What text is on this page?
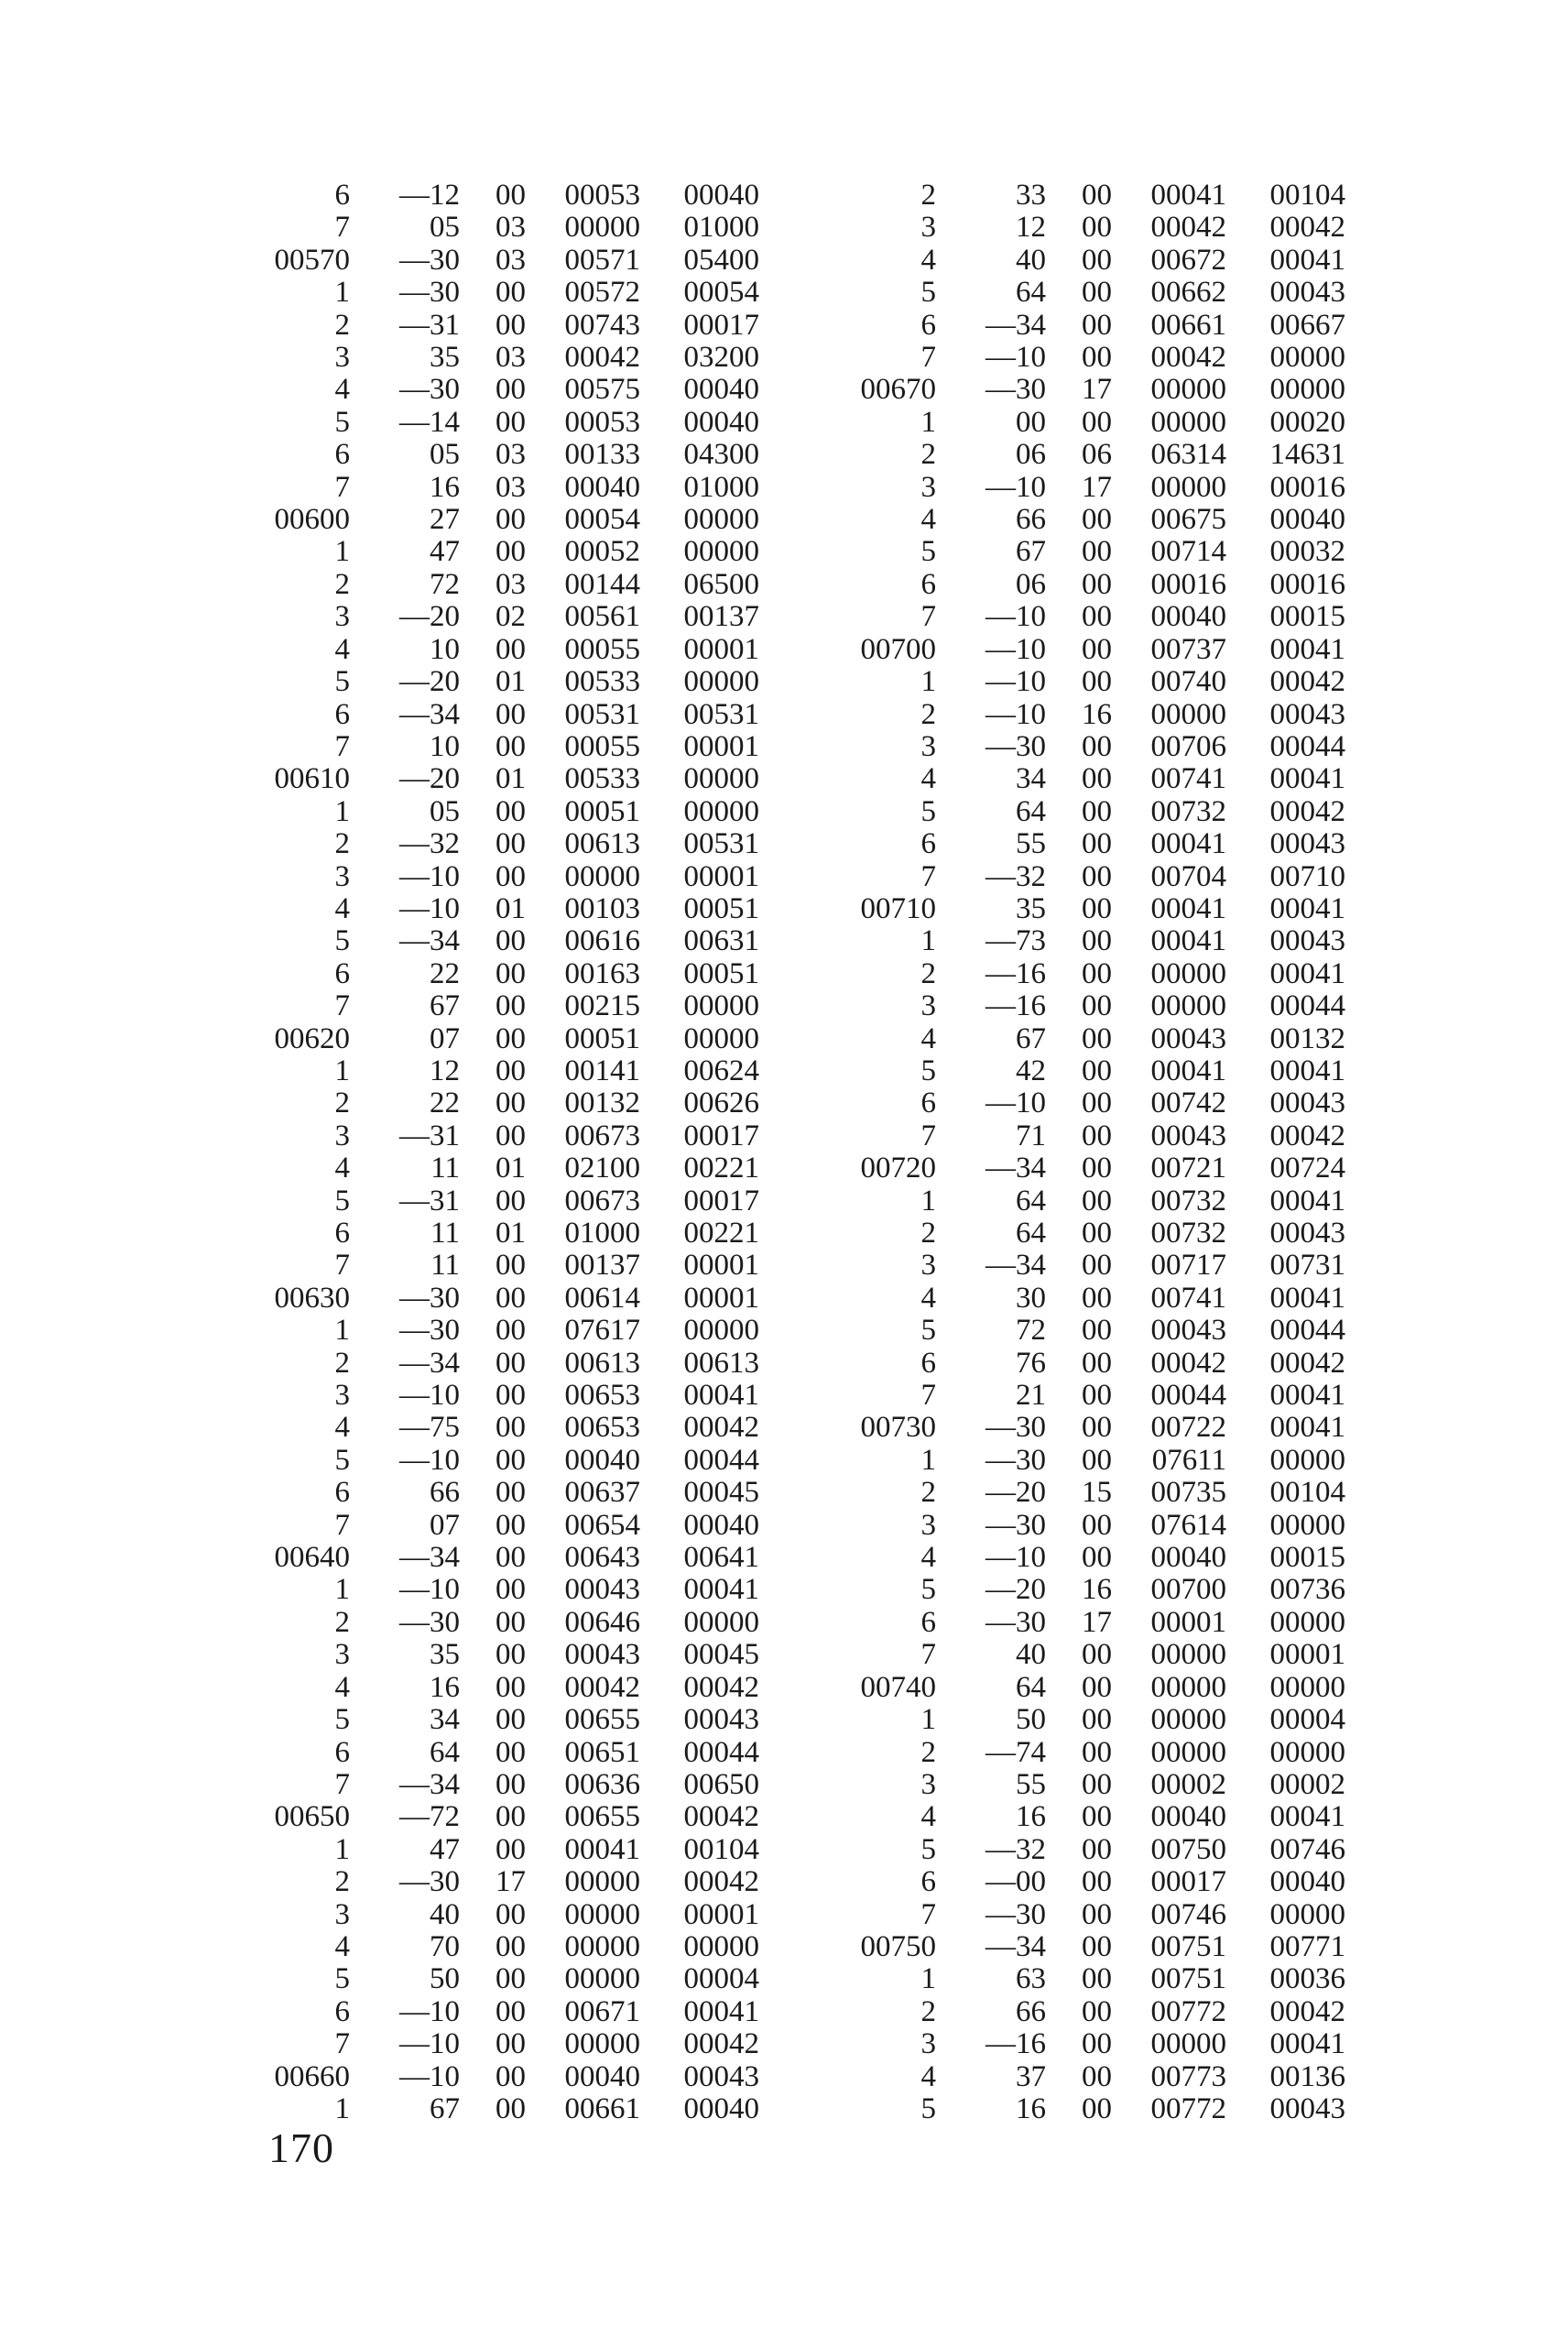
6	—12	00	00053	00040
7	05	03	00000	01000
00570	—30	03	00571	05400
1	—30	00	00572	00054
2	—31	00	00743	00017
3	35	03	00042	03200
4	—30	00	00575	00040
5	—14	00	00053	00040
6	05	03	00133	04300
7	16	03	00040	01000
00600	27	00	00054	00000
1	47	00	00052	00000
2	72	03	00144	06500
3	—20	02	00561	00137
4	10	00	00055	00001
5	—20	01	00533	00000
6	—34	00	00531	00531
7	10	00	00055	00001
00610	—20	01	00533	00000
1	05	00	00051	00000
2	—32	00	00613	00531
3	—10	00	00000	00001
4	—10	01	00103	00051
5	—34	00	00616	00631
6	22	00	00163	00051
7	67	00	00215	00000
00620	07	00	00051	00000
1	12	00	00141	00624
2	22	00	00132	00626
3	—31	00	00673	00017
4	11	01	02100	00221
5	—31	00	00673	00017
6	11	01	01000	00221
7	11	00	00137	00001
00630	—30	00	00614	00001
1	—30	00	07617	00000
2	—34	00	00613	00613
3	—10	00	00653	00041
4	—75	00	00653	00042
5	—10	00	00040	00044
6	66	00	00637	00045
7	07	00	00654	00040
00640	—34	00	00643	00641
1	—10	00	00043	00041
2	—30	00	00646	00000
3	35	00	00043	00045
4	16	00	00042	00042
5	34	00	00655	00043
6	64	00	00651	00044
7	—34	00	00636	00650
00650	—72	00	00655	00042
1	47	00	00041	00104
2	—30	17	00000	00042
3	40	00	00000	00001
4	70	00	00000	00000
5	50	00	00000	00004
6	—10	00	00671	00041
7	—10	00	00000	00042
00660	—10	00	00040	00043
1	67	00	00661	00040
2	33	00	00041	00104
3	12	00	00042	00042
4	40	00	00672	00041
5	64	00	00662	00043
6	—34	00	00661	00667
7	—10	00	00042	00000
00670	—30	17	00000	00000
1	00	00	00000	00020
2	06	06	06314	14631
3	—10	17	00000	00016
4	66	00	00675	00040
5	67	00	00714	00032
6	06	00	00016	00016
7	—10	00	00040	00015
00700	—10	00	00737	00041
1	—10	00	00740	00042
2	—10	16	00000	00043
3	—30	00	00706	00044
4	34	00	00741	00041
5	64	00	00732	00042
6	55	00	00041	00043
7	—32	00	00704	00710
00710	35	00	00041	00041
1	—73	00	00041	00043
2	—16	00	00000	00041
3	—16	00	00000	00044
4	67	00	00043	00132
5	42	00	00041	00041
6	—10	00	00742	00043
7	71	00	00043	00042
00720	—34	00	00721	00724
1	64	00	00732	00041
2	64	00	00732	00043
3	—34	00	00717	00731
4	30	00	00741	00041
5	72	00	00043	00044
6	76	00	00042	00042
7	21	00	00044	00041
00730	—30	00	00722	00041
1	—30	00	07611	00000
2	—20	15	00735	00104
3	—30	00	07614	00000
4	—10	00	00040	00015
5	—20	16	00700	00736
6	—30	17	00001	00000
7	40	00	00000	00001
00740	64	00	00000	00000
1	50	00	00000	00004
2	—74	00	00000	00000
3	55	00	00002	00002
4	16	00	00040	00041
5	—32	00	00750	00746
6	—00	00	00017	00040
7	—30	00	00746	00000
00750	—34	00	00751	00771
1	63	00	00751	00036
2	66	00	00772	00042
3	—16	00	00000	00041
4	37	00	00773	00136
5	16	00	00772	00043
170
